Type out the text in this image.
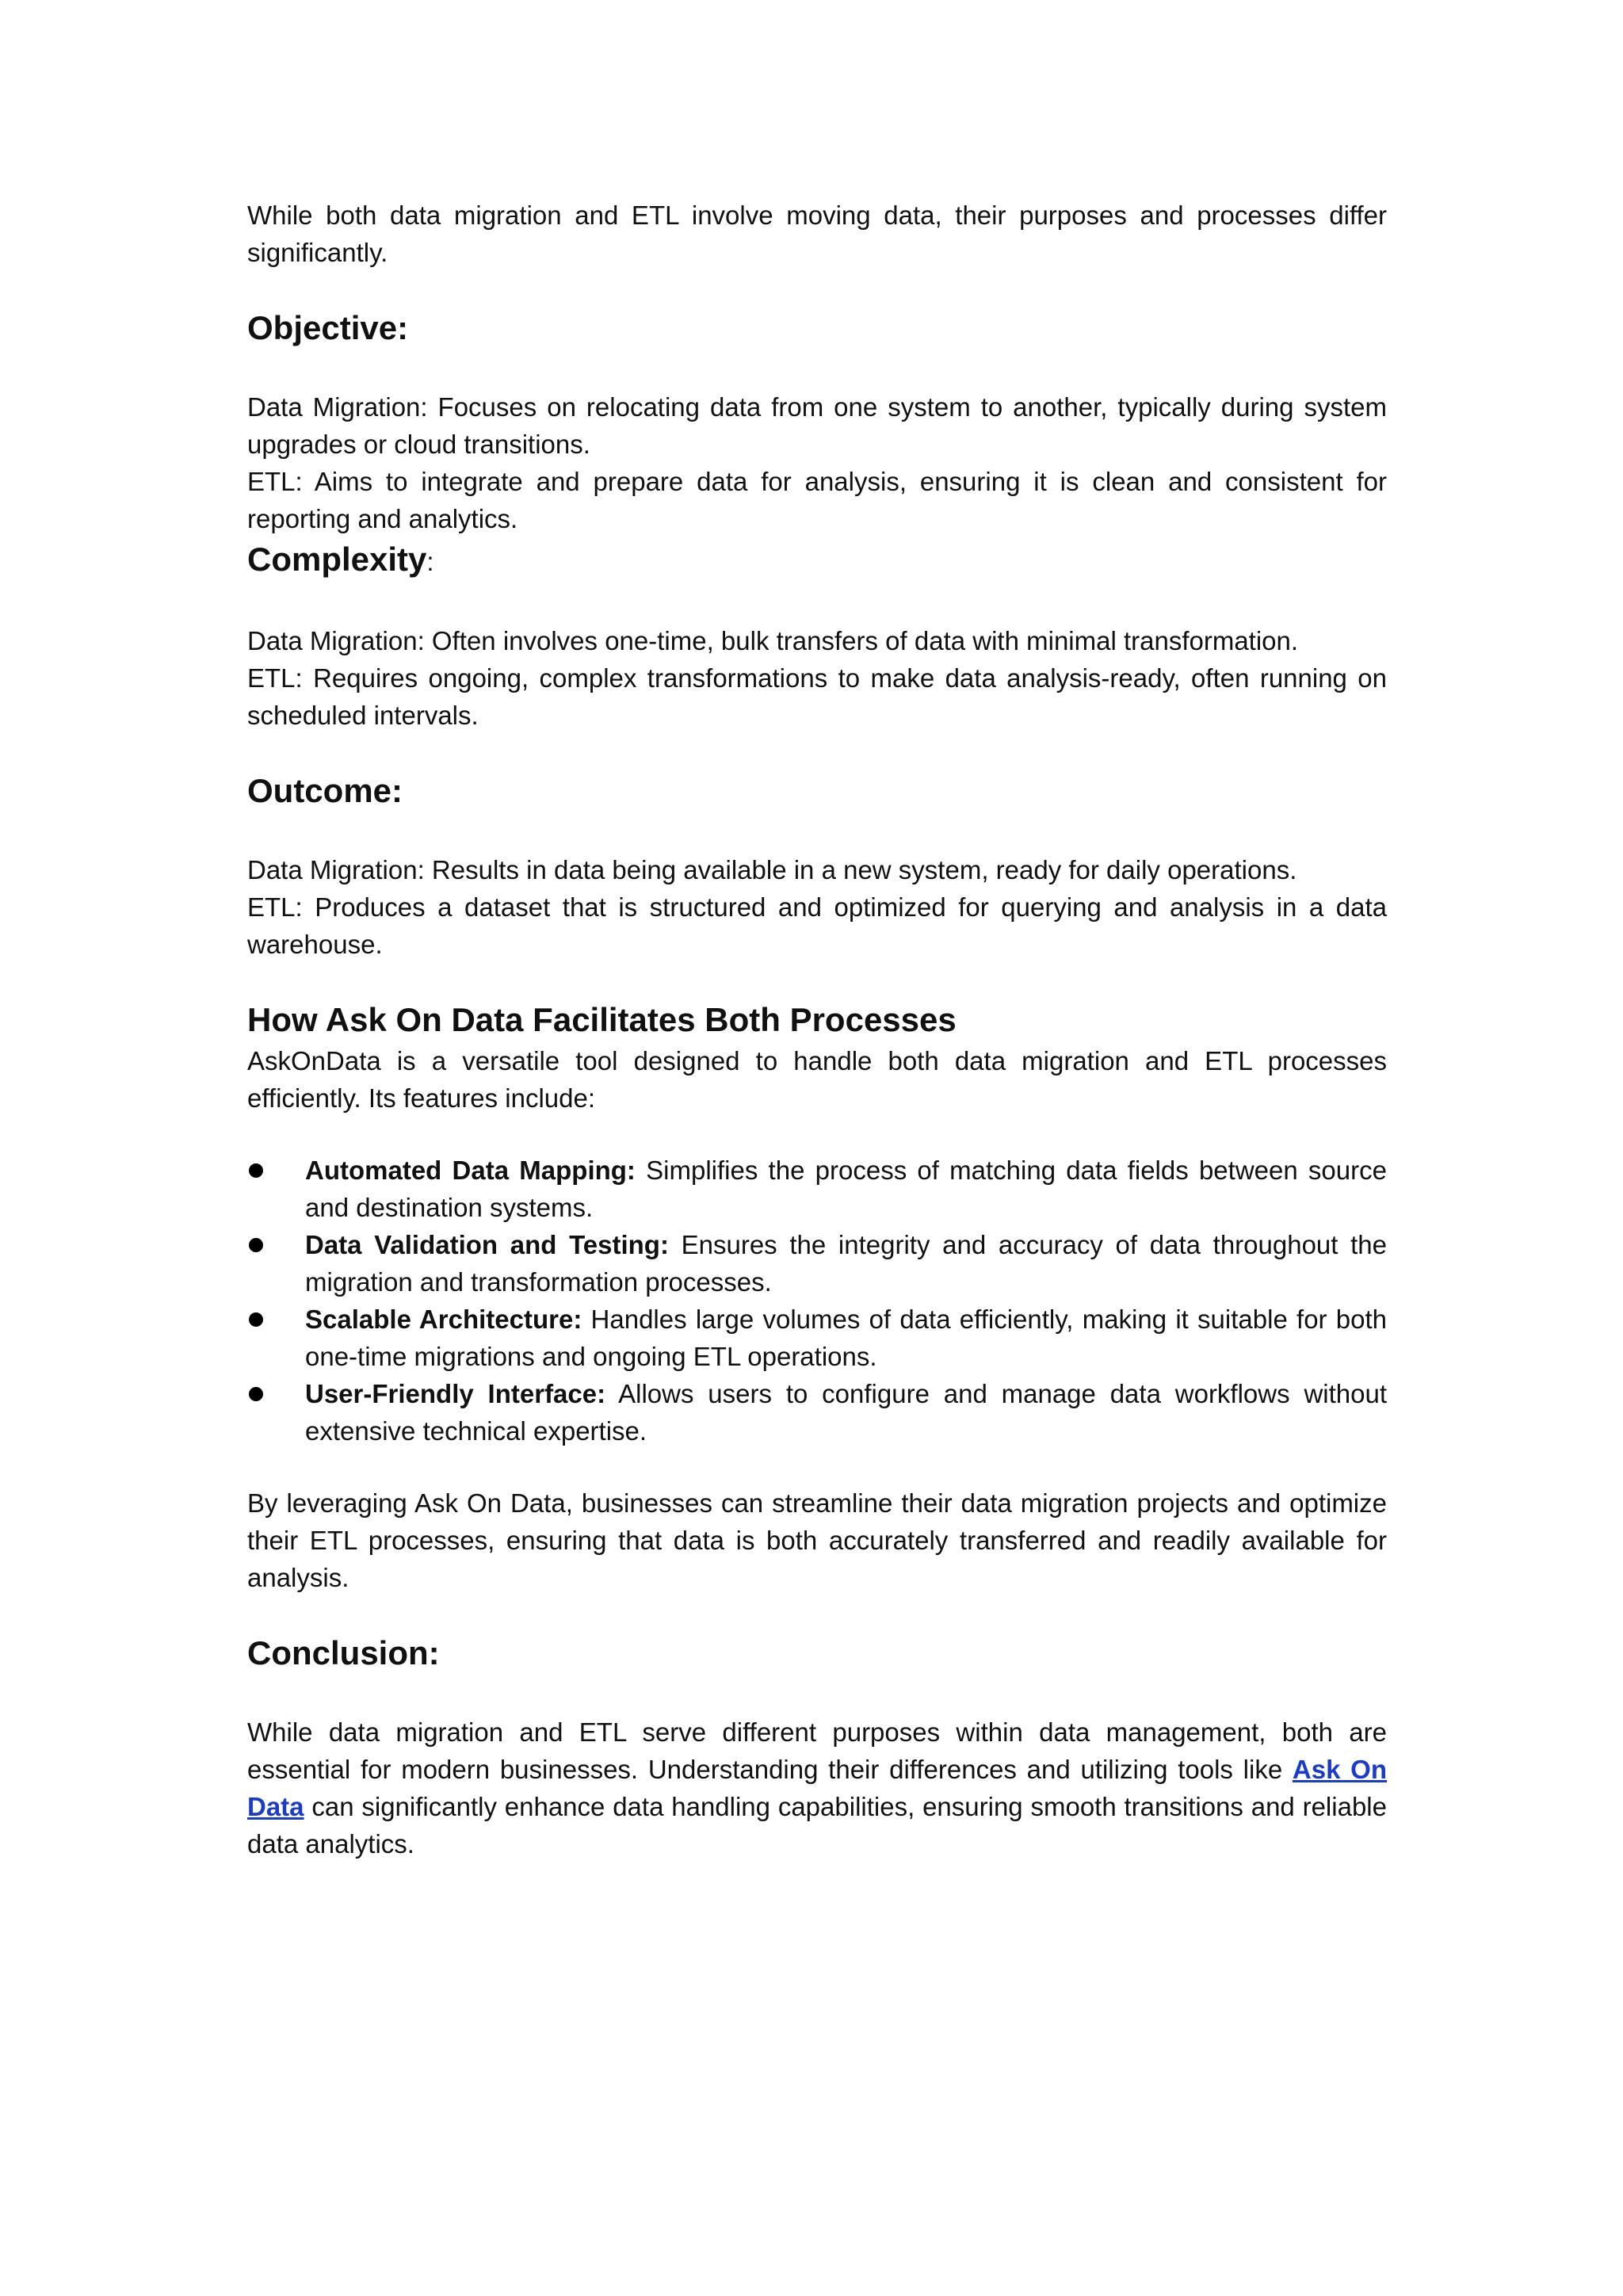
While both data migration and ETL involve moving data, their purposes and processes differ significantly.

Objective:

Data Migration: Focuses on relocating data from one system to another, typically during system upgrades or cloud transitions.

ETL: Aims to integrate and prepare data for analysis, ensuring it is clean and consistent for reporting and analytics.

Complexity:

Data Migration: Often involves one-time, bulk transfers of data with minimal transformation.

ETL: Requires ongoing, complex transformations to make data analysis-ready, often running on scheduled intervals.

Outcome:

Data Migration: Results in data being available in a new system, ready for daily operations.

ETL: Produces a dataset that is structured and optimized for querying and analysis in a data warehouse.

How Ask On Data Facilitates Both Processes

AskOnData is a versatile tool designed to handle both data migration and ETL processes efficiently. Its features include:

Automated Data Mapping: Simplifies the process of matching data fields between source and destination systems.
Data Validation and Testing: Ensures the integrity and accuracy of data throughout the migration and transformation processes.
Scalable Architecture: Handles large volumes of data efficiently, making it suitable for both one-time migrations and ongoing ETL operations.
User-Friendly Interface: Allows users to configure and manage data workflows without extensive technical expertise.

By leveraging Ask On Data, businesses can streamline their data migration projects and optimize their ETL processes, ensuring that data is both accurately transferred and readily available for analysis.

Conclusion:

While data migration and ETL serve different purposes within data management, both are essential for modern businesses. Understanding their differences and utilizing tools like Ask On Data can significantly enhance data handling capabilities, ensuring smooth transitions and reliable data analytics.
